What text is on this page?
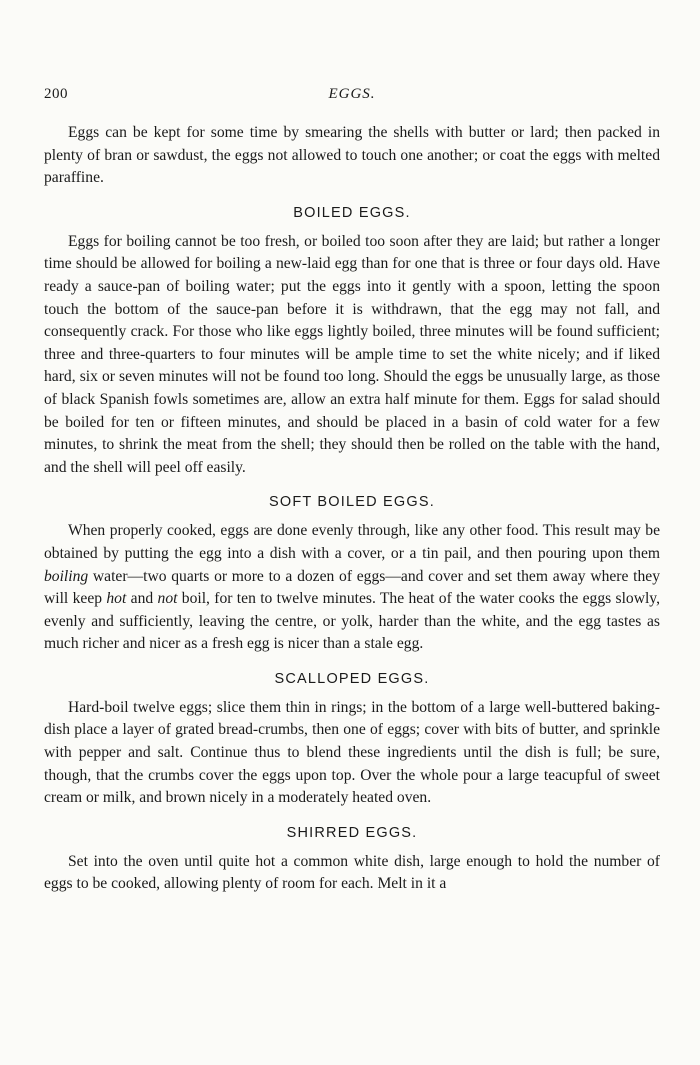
200	EGGS.

Eggs can be kept for some time by smearing the shells with butter or lard; then packed in plenty of bran or sawdust, the eggs not allowed to touch one another; or coat the eggs with melted paraffine.

BOILED EGGS.

Eggs for boiling cannot be too fresh, or boiled too soon after they are laid; but rather a longer time should be allowed for boiling a new-laid egg than for one that is three or four days old. Have ready a sauce-pan of boiling water; put the eggs into it gently with a spoon, letting the spoon touch the bottom of the sauce-pan before it is withdrawn, that the egg may not fall, and consequently crack. For those who like eggs lightly boiled, three minutes will be found sufficient; three and three-quarters to four minutes will be ample time to set the white nicely; and if liked hard, six or seven minutes will not be found too long. Should the eggs be unusually large, as those of black Spanish fowls sometimes are, allow an extra half minute for them. Eggs for salad should be boiled for ten or fifteen minutes, and should be placed in a basin of cold water for a few minutes, to shrink the meat from the shell; they should then be rolled on the table with the hand, and the shell will peel off easily.

SOFT BOILED EGGS.

When properly cooked, eggs are done evenly through, like any other food. This result may be obtained by putting the egg into a dish with a cover, or a tin pail, and then pouring upon them boiling water—two quarts or more to a dozen of eggs—and cover and set them away where they will keep hot and not boil, for ten to twelve minutes. The heat of the water cooks the eggs slowly, evenly and sufficiently, leaving the centre, or yolk, harder than the white, and the egg tastes as much richer and nicer as a fresh egg is nicer than a stale egg.

SCALLOPED EGGS.

Hard-boil twelve eggs; slice them thin in rings; in the bottom of a large well-buttered baking-dish place a layer of grated bread-crumbs, then one of eggs; cover with bits of butter, and sprinkle with pepper and salt. Continue thus to blend these ingredients until the dish is full; be sure, though, that the crumbs cover the eggs upon top. Over the whole pour a large teacupful of sweet cream or milk, and brown nicely in a moderately heated oven.

SHIRRED EGGS.

Set into the oven until quite hot a common white dish, large enough to hold the number of eggs to be cooked, allowing plenty of room for each. Melt in it a
